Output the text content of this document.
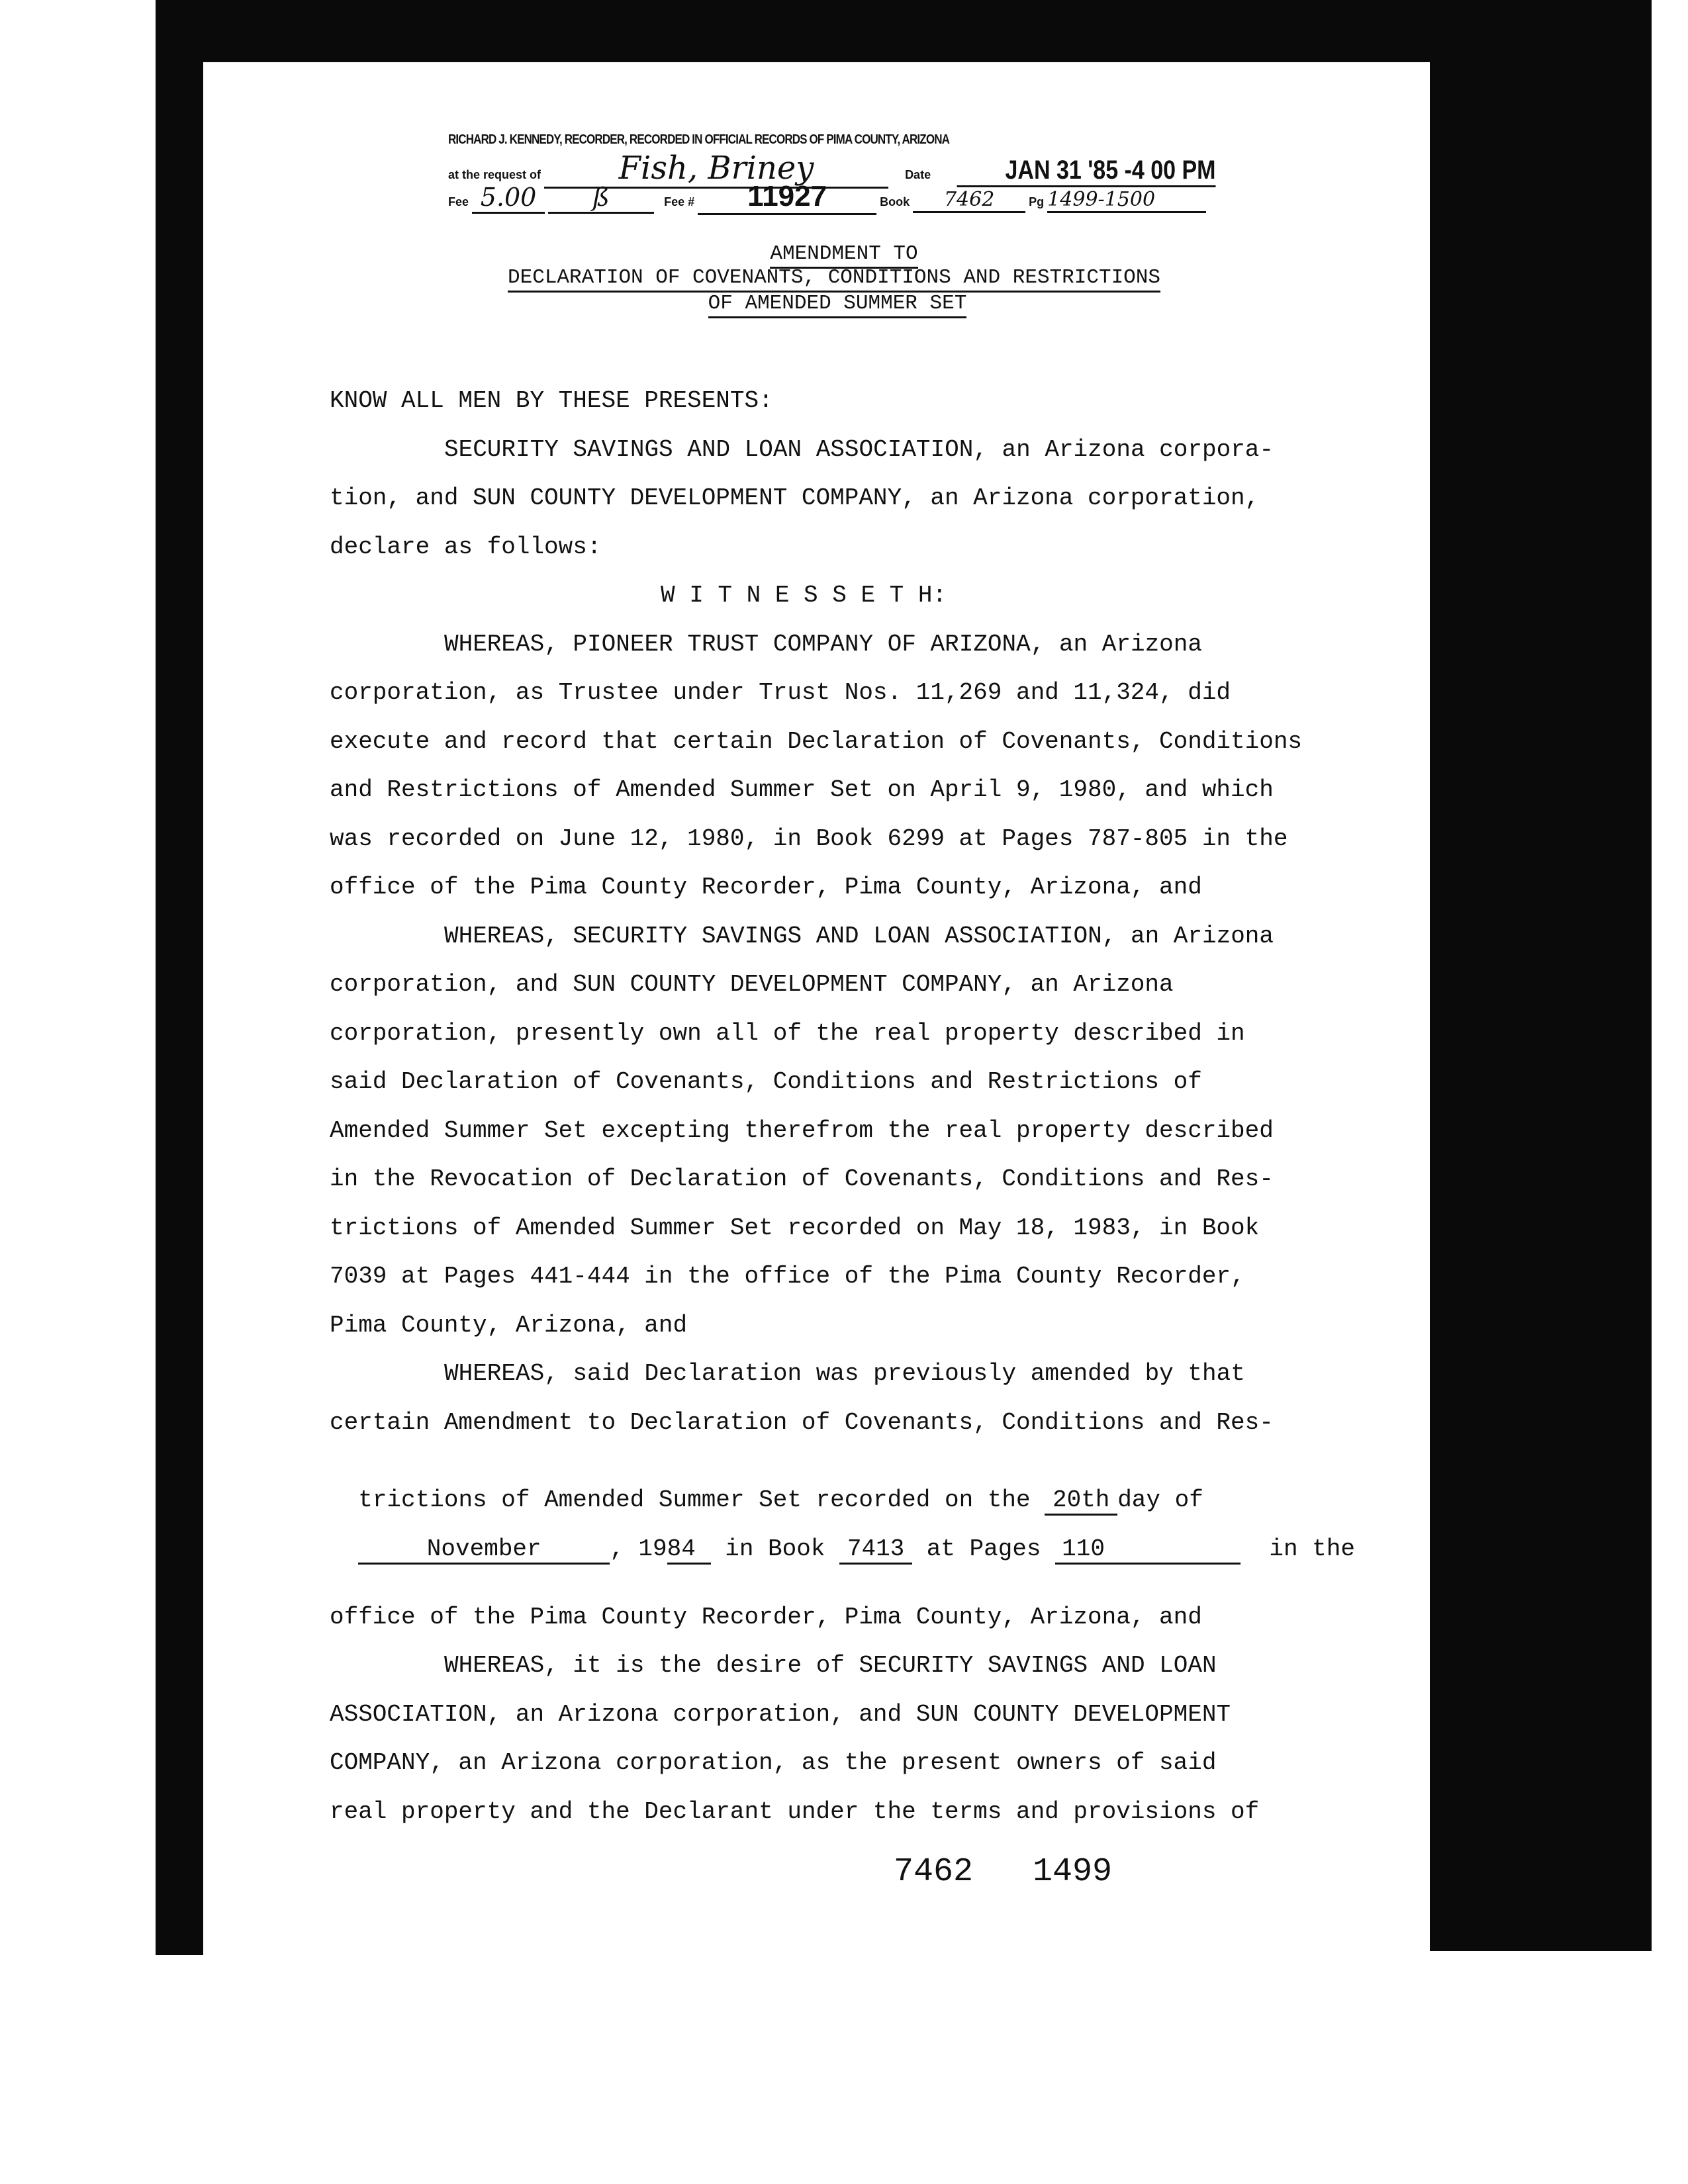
RICHARD J. KENNEDY, RECORDER, RECORDED IN OFFICIAL RECORDS OF PIMA COUNTY, ARIZONA
at the request of Fish, Briney	Date	JAN 31 '85 -4 00 PM
Fee 5.00 ß	Fee # 11927	Book 7462	Pg 1499-1500
AMENDMENT TO
DECLARATION OF COVENANTS, CONDITIONS AND RESTRICTIONS
OF AMENDED SUMMER SET
KNOW ALL MEN BY THESE PRESENTS:
SECURITY SAVINGS AND LOAN ASSOCIATION, an Arizona corpora-
tion, and SUN COUNTY DEVELOPMENT COMPANY, an Arizona corporation,
declare as follows:
W I T N E S S E T H:
WHEREAS, PIONEER TRUST COMPANY OF ARIZONA, an Arizona
corporation, as Trustee under Trust Nos. 11,269 and 11,324, did
execute and record that certain Declaration of Covenants, Conditions
and Restrictions of Amended Summer Set on April 9, 1980, and which
was recorded on June 12, 1980, in Book 6299 at Pages 787-805 in the
office of the Pima County Recorder, Pima County, Arizona, and
WHEREAS, SECURITY SAVINGS AND LOAN ASSOCIATION, an Arizona
corporation, and SUN COUNTY DEVELOPMENT COMPANY, an Arizona
corporation, presently own all of the real property described in
said Declaration of Covenants, Conditions and Restrictions of
Amended Summer Set excepting therefrom the real property described
in the Revocation of Declaration of Covenants, Conditions and Res-
trictions of Amended Summer Set recorded on May 18, 1983, in Book
7039 at Pages 441-444 in the office of the Pima County Recorder,
Pima County, Arizona, and
WHEREAS, said Declaration was previously amended by that
certain Amendment to Declaration of Covenants, Conditions and Res-
office of the Pima County Recorder, Pima County, Arizona, and
WHEREAS, it is the desire of SECURITY SAVINGS AND LOAN
ASSOCIATION, an Arizona corporation, and SUN COUNTY DEVELOPMENT
COMPANY, an Arizona corporation, as the present owners of said
real property and the Declarant under the terms and provisions of

trictions of Amended Summer Set recorded on the 20th day of

November	, 1984 in Book 7413 at Pages 110	in the

7462 1499
